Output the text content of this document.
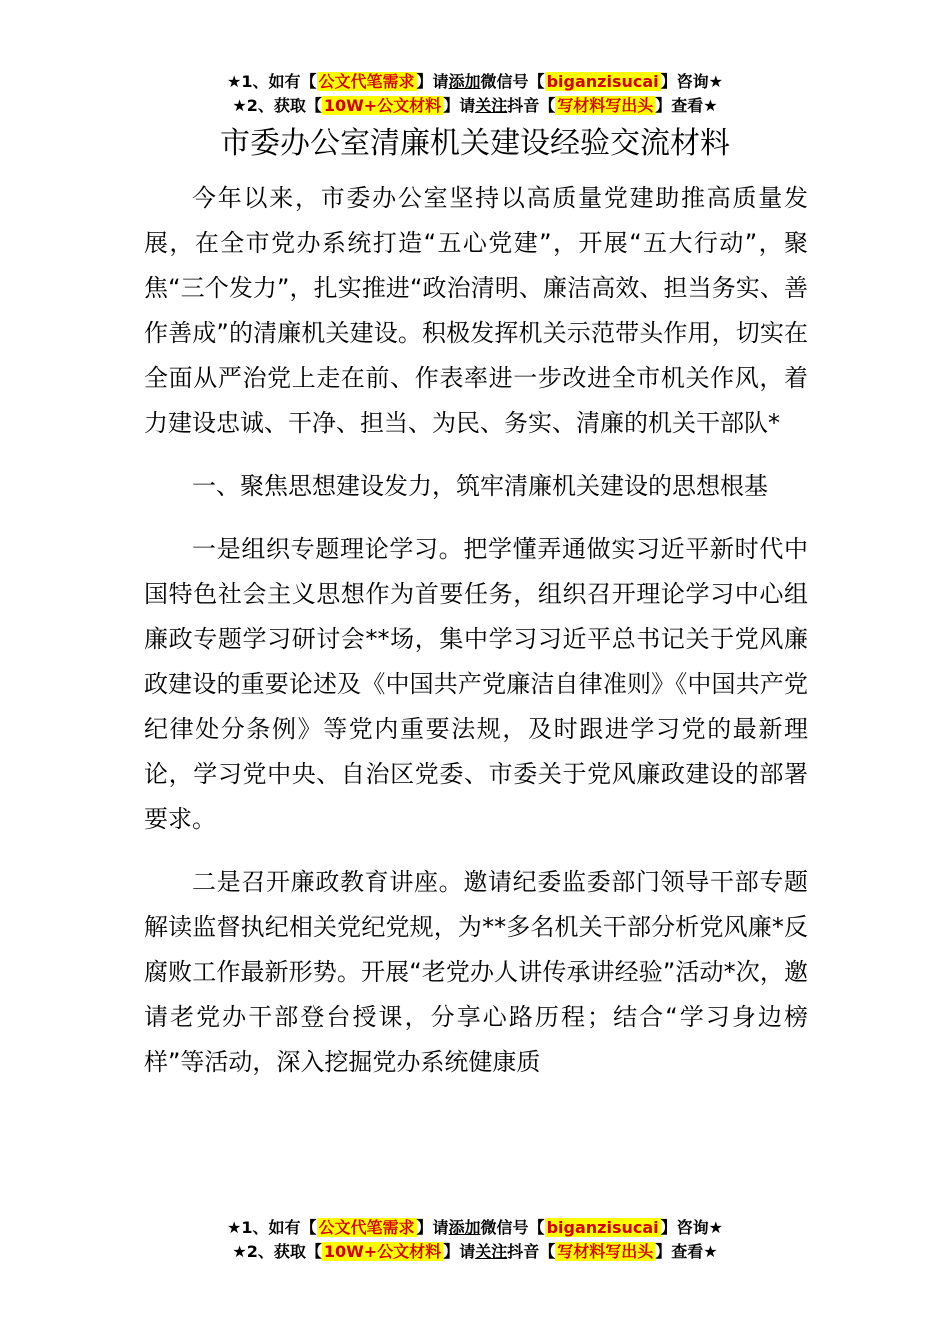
★1、如有【 公文代笔需求 】请添加微信号【 biganzisucai 】咨询★
★2、获取【 10W+公文材料 】请关注抖音【 写材料写出头 】查看★
市委办公室清廉机关建设经验交流材料

今年以来，市委办公室坚持以高质量党建助推高质量发展，在全市党办系统打造“五心党建”，开展“五大行动”，聚焦“三个发力”，扎实推进“政治清明、廉洁高效、担当务实、善作善成”的清廉机关建设。积极发挥机关示范带头作用，切实在全面从严治党上走在前、作表率进一步改进全市机关作风，着力建设忠诚、干净、担当、为民、务实、清廉的机关干部队*

一、聚焦思想建设发力，筑牢清廉机关建设的思想根基

一是组织专题理论学习。把学懂弄通做实习近平新时代中国特色社会主义思想作为首要任务，组织召开理论学习中心组廉政专题学习研讨会**场，集中学习习近平总书记关于党风廉政建设的重要论述及《中国共产党廉洁自律准则》《中国共产党纪律处分条例》等党内重要法规，及时跟进学习党的最新理论，学习党中央、自治区党委、市委关于党风廉政建设的部署要求。

二是召开廉政教育讲座。邀请纪委监委部门领导干部专题解读监督执纪相关党纪党规，为**多名机关干部分析党风廉*反腐败工作最新形势。开展“老党办人讲传承讲经验”活动*次，邀请老党办干部登台授课，分享心路历程；结合“学习身边榜样”等活动，深入挖掘党办系统健康质

★1、如有【 公文代笔需求 】请添加微信号【 biganzisucai 】咨询★
★2、获取【 10W+公文材料 】请关注抖音【 写材料写出头 】查看★
